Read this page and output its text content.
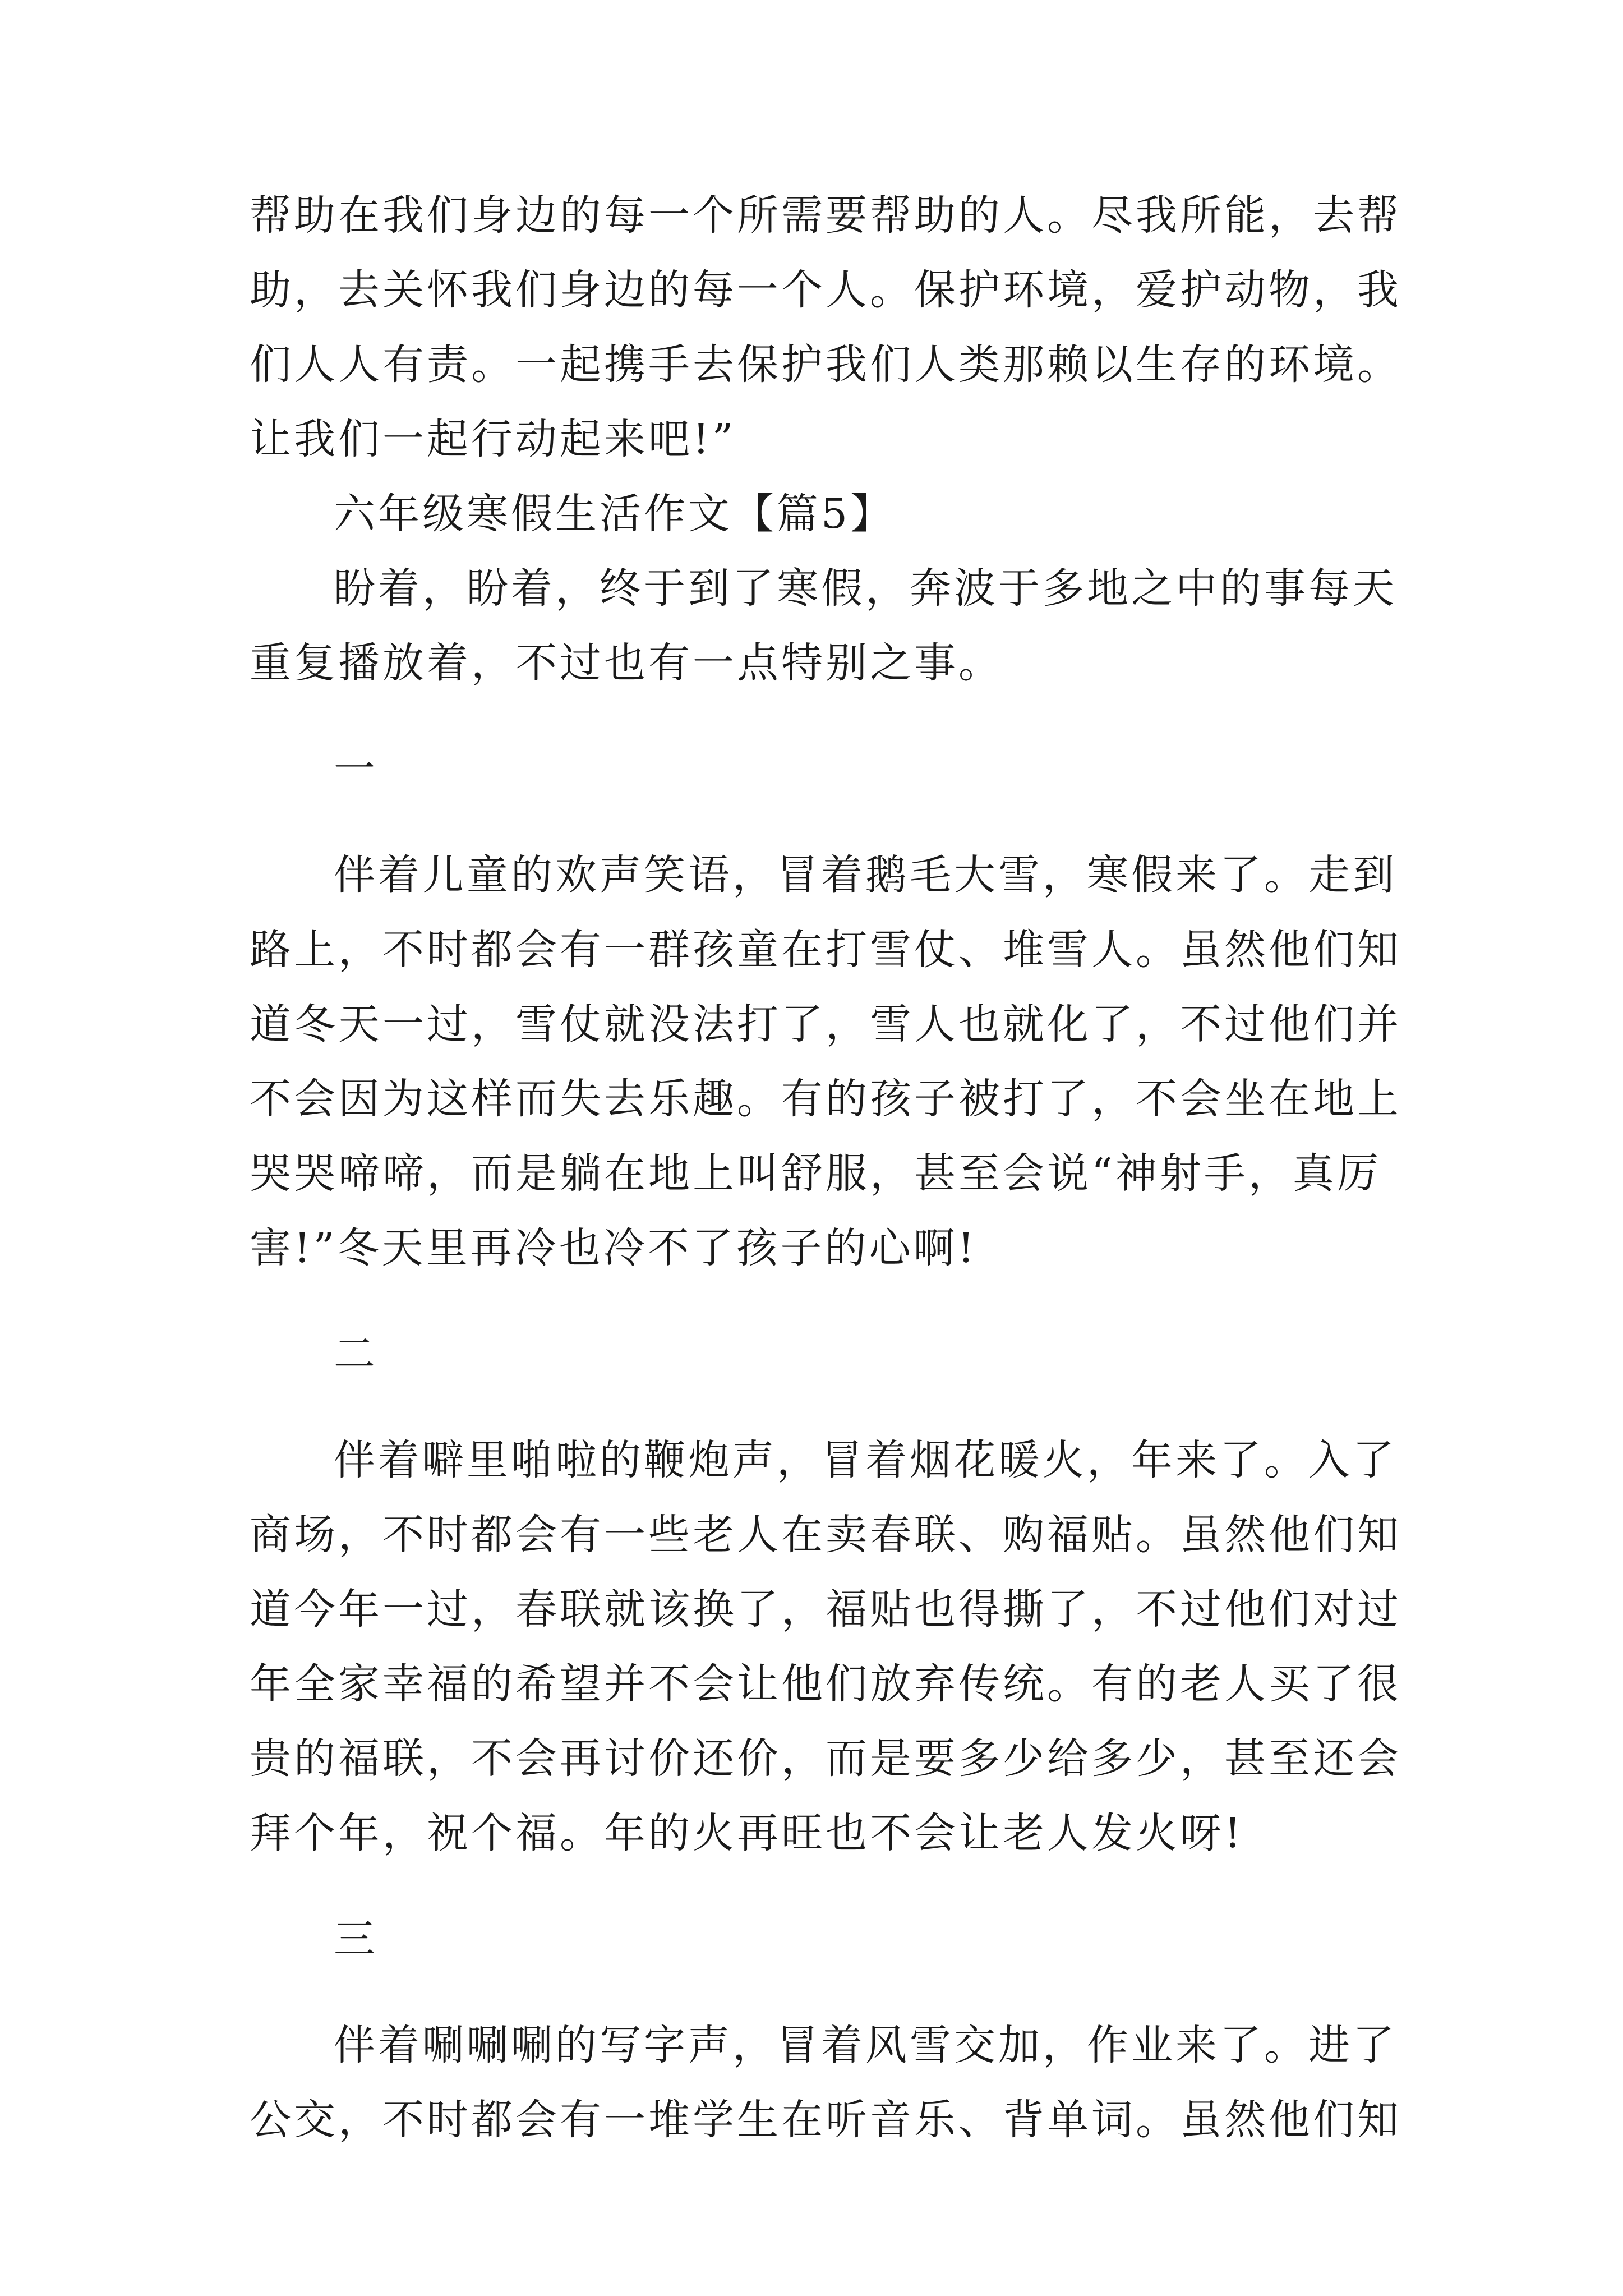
帮助在我们身边的每一个所需要帮助的人。尽我所能，去帮
助，去关怀我们身边的每一个人。保护环境，爱护动物，我
们人人有责。一起携手去保护我们人类那赖以生存的环境。
让我们一起行动起来吧!”
六年级寒假生活作文【篇5】
盼着，盼着，终于到了寒假，奔波于多地之中的事每天
重复播放着，不过也有一点特别之事。
一
伴着儿童的欢声笑语，冒着鹅毛大雪，寒假来了。走到
路上，不时都会有一群孩童在打雪仗、堆雪人。虽然他们知
道冬天一过，雪仗就没法打了，雪人也就化了，不过他们并
不会因为这样而失去乐趣。有的孩子被打了，不会坐在地上
哭哭啼啼，而是躺在地上叫舒服，甚至会说“神射手，真厉
害!”冬天里再冷也冷不了孩子的心啊!
二
伴着噼里啪啦的鞭炮声，冒着烟花暖火，年来了。入了
商场，不时都会有一些老人在卖春联、购福贴。虽然他们知
道今年一过，春联就该换了，福贴也得撕了，不过他们对过
年全家幸福的希望并不会让他们放弃传统。有的老人买了很
贵的福联，不会再讨价还价，而是要多少给多少，甚至还会
拜个年，祝个福。年的火再旺也不会让老人发火呀!
三
伴着唰唰唰的写字声，冒着风雪交加，作业来了。进了
公交，不时都会有一堆学生在听音乐、背单词。虽然他们知
